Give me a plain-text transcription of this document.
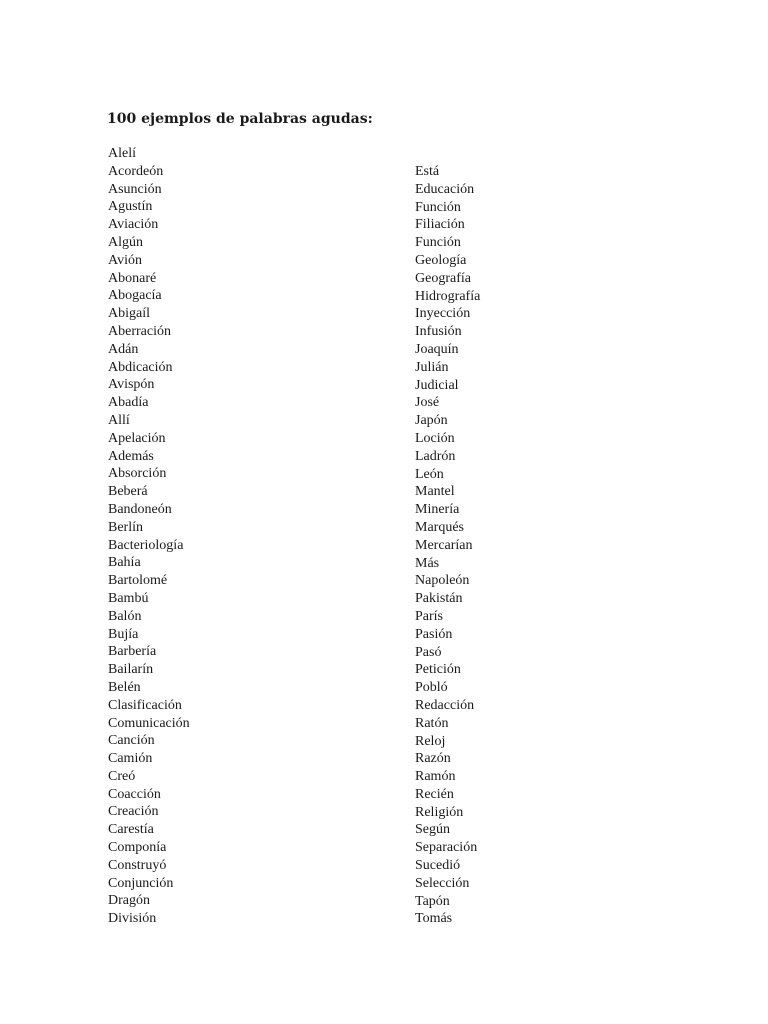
100 ejemplos de palabras agudas:
Alelí
Acordeón
Asunción
Agustín
Aviación
Algún
Avión
Abonaré
Abogacía
Abigaíl
Aberración
Adán
Abdicación
Avispón
Abadía
Allí
Apelación
Además
Absorción
Beberá
Bandoneón
Berlín
Bacteriología
Bahía
Bartolomé
Bambú
Balón
Bujía
Barbería
Bailarín
Belén
Clasificación
Comunicación
Canción
Camión
Creó
Coacción
Creación
Carestía
Componía
Construyó
Conjunción
Dragón
División
Está
Educación
Función
Filiación
Función
Geología
Geografía
Hidrografía
Inyección
Infusión
Joaquín
Julián
Judicial
José
Japón
Loción
Ladrón
León
Mantel
Minería
Marqués
Mercarían
Más
Napoleón
Pakistán
París
Pasión
Pasó
Petición
Pobló
Redacción
Ratón
Reloj
Razón
Ramón
Recién
Religión
Según
Separación
Sucedió
Selección
Tapón
Tomás
